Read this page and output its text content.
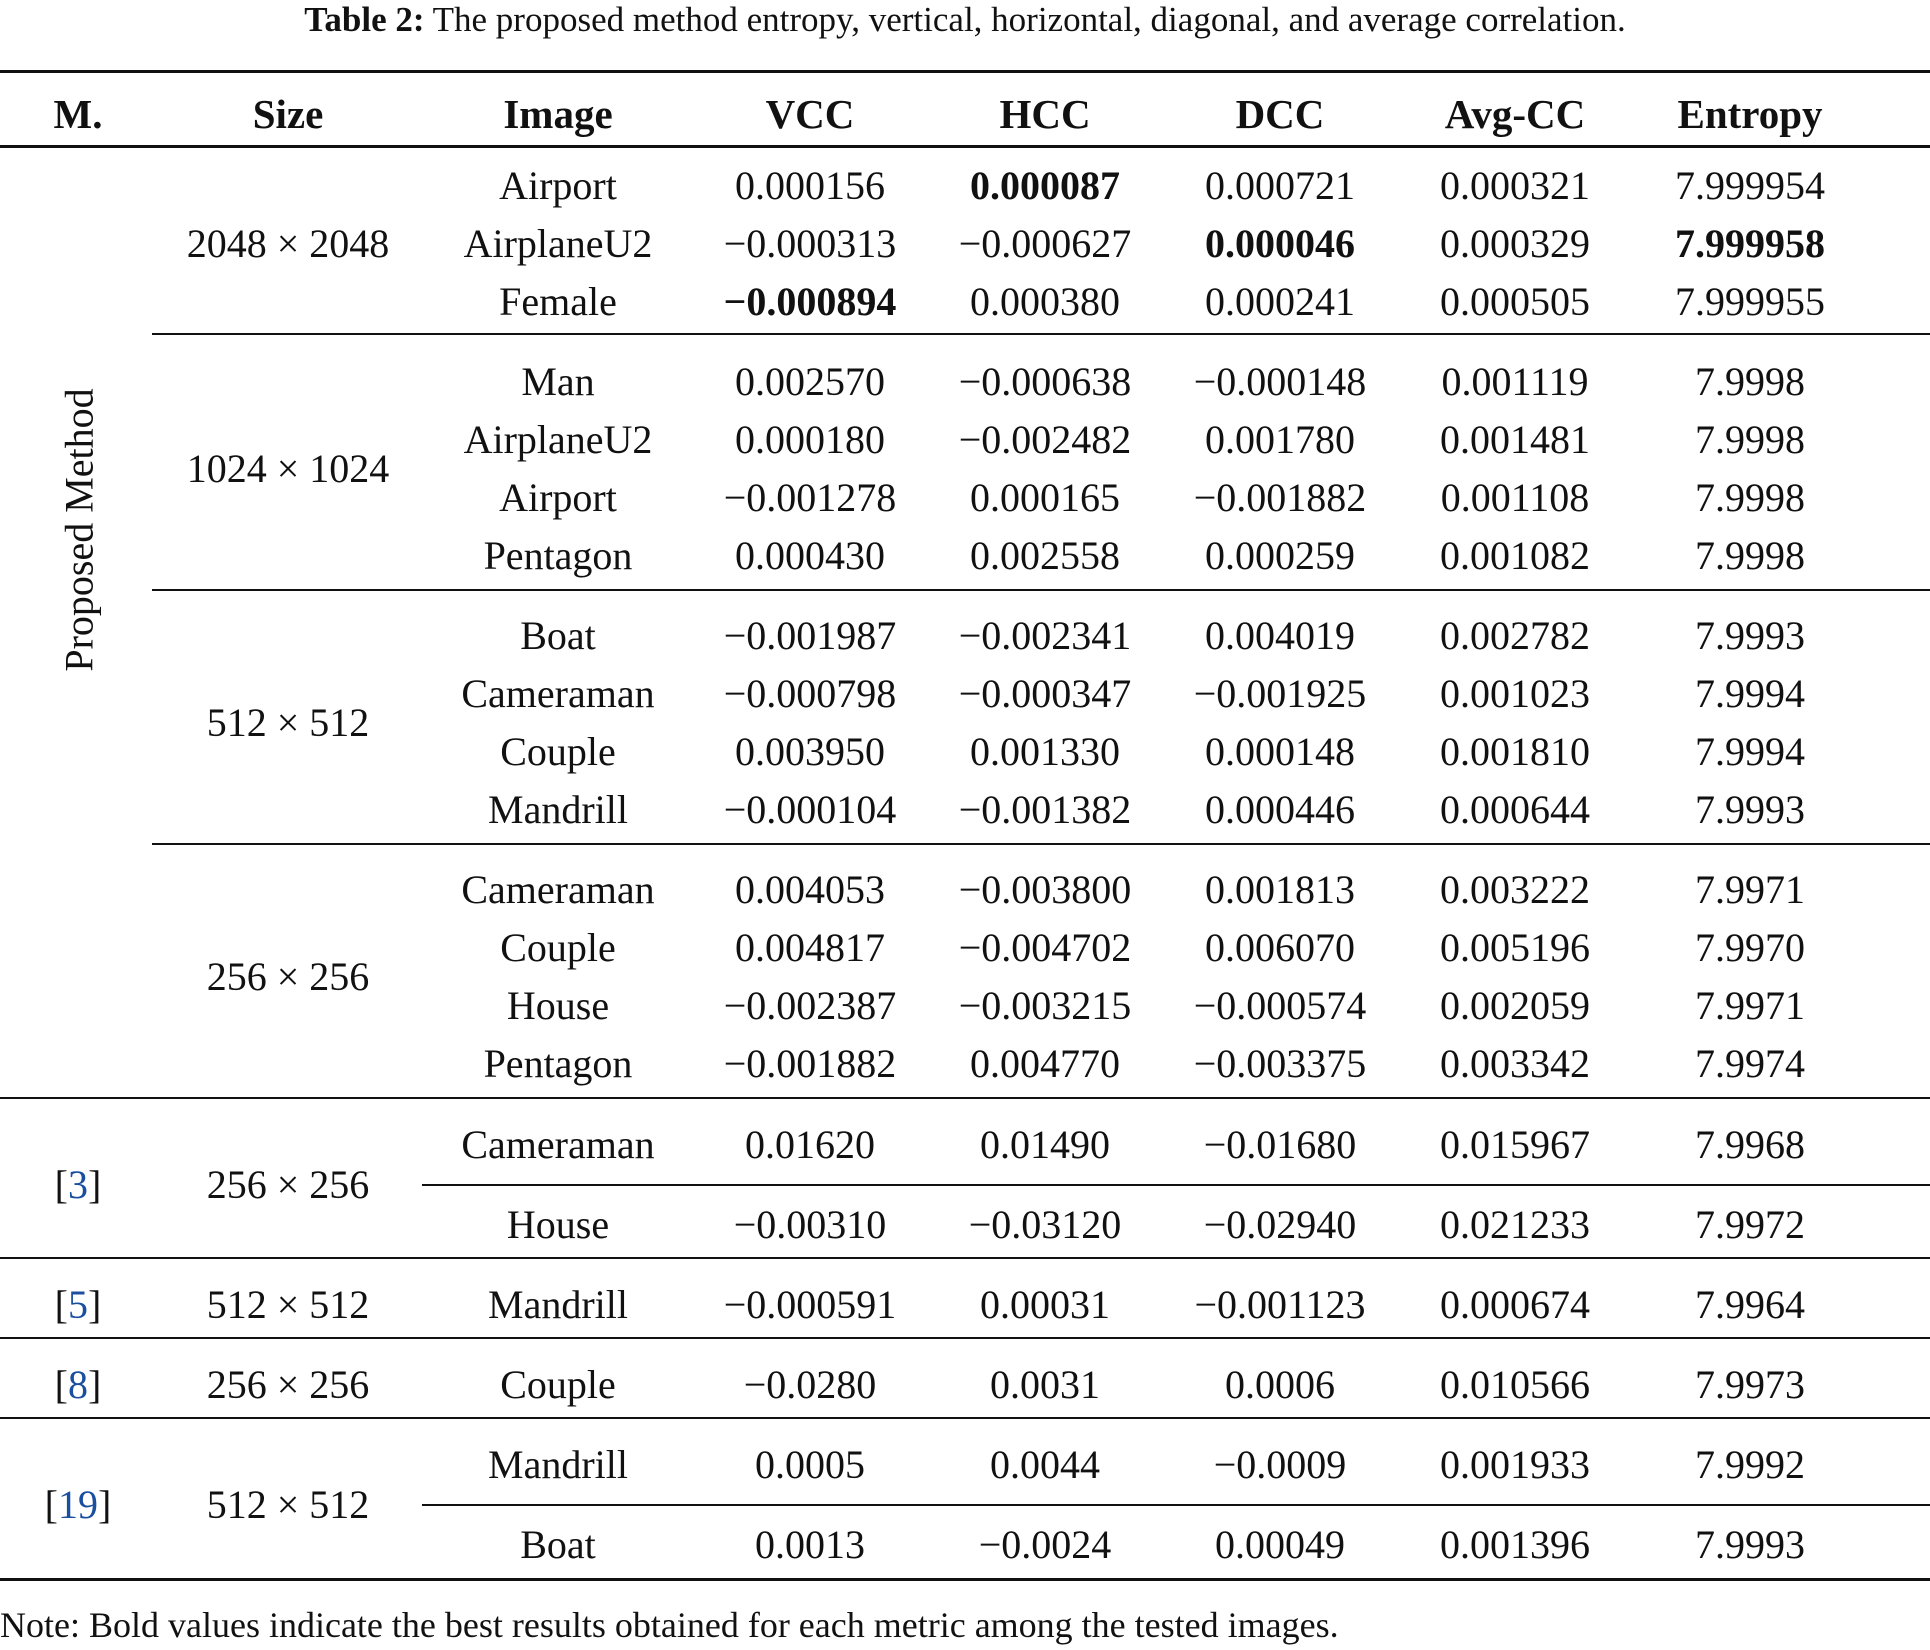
Table 2: The proposed method entropy, vertical, horizontal, diagonal, and average correlation.
Proposed Method
M.	Size	Image	VCC	HCC	DCC	Avg-CC	Entropy
2048 × 2048
Airport	0.000156	0.000087	0.000721	0.000321	7.999954
AirplaneU2	−0.000313	−0.000627	0.000046	0.000329	7.999958
Female	−0.000894	0.000380	0.000241	0.000505	7.999955
1024 × 1024
Man	0.002570	−0.000638	−0.000148	0.001119	7.9998
AirplaneU2	0.000180	−0.002482	0.001780	0.001481	7.9998
Airport	−0.001278	0.000165	−0.001882	0.001108	7.9998
Pentagon	0.000430	0.002558	0.000259	0.001082	7.9998
512 × 512
Boat	−0.001987	−0.002341	0.004019	0.002782	7.9993
Cameraman	−0.000798	−0.000347	−0.001925	0.001023	7.9994
Couple	0.003950	0.001330	0.000148	0.001810	7.9994
Mandrill	−0.000104	−0.001382	0.000446	0.000644	7.9993
256 × 256
Cameraman	0.004053	−0.003800	0.001813	0.003222	7.9971
Couple	0.004817	−0.004702	0.006070	0.005196	7.9970
House	−0.002387	−0.003215	−0.000574	0.002059	7.9971
Pentagon	−0.001882	0.004770	−0.003375	0.003342	7.9974
[3]	256 × 256
Cameraman	0.01620	0.01490	−0.01680	0.015967	7.9968
House	−0.00310	−0.03120	−0.02940	0.021233	7.9972
[5]	512 × 512	Mandrill	−0.000591	0.00031	−0.001123	0.000674	7.9964
[8]	256 × 256	Couple	−0.0280	0.0031	0.0006	0.010566	7.9973
[19]	512 × 512
Mandrill	0.0005	0.0044	−0.0009	0.001933	7.9992
Boat	0.0013	−0.0024	0.00049	0.001396	7.9993
Note: Bold values indicate the best results obtained for each metric among the tested images.
